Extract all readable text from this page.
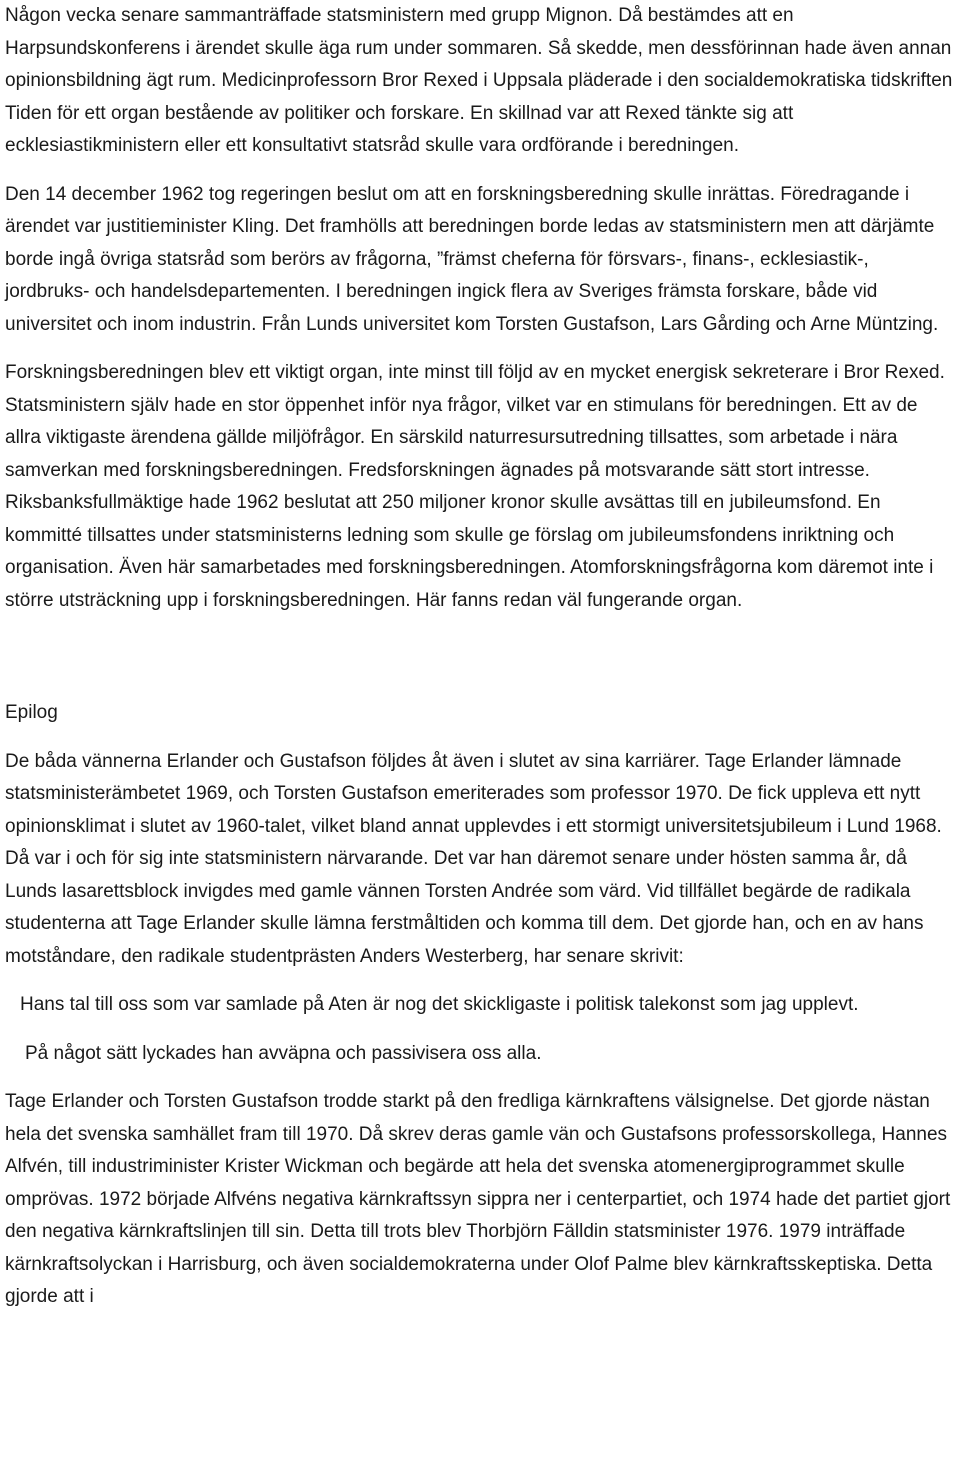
Någon vecka senare sammanträffade statsministern med grupp Mignon. Då bestämdes att en Harpsundskonferens i ärendet skulle äga rum under sommaren. Så skedde, men dessförinnan hade även annan opinionsbildning ägt rum. Medicinprofessorn Bror Rexed i Uppsala pläderade i den socialdemokratiska tidskriften Tiden för ett organ bestående av politiker och forskare. En skillnad var att Rexed tänkte sig att ecklesiastikministern eller ett konsultativt statsråd skulle vara ordförande i beredningen.

Den 14 december 1962 tog regeringen beslut om att en forskningsberedning skulle inrättas. Föredragande i ärendet var justitieminister Kling. Det framhölls att beredningen borde ledas av statsministern men att därjämte borde ingå övriga statsråd som berörs av frågorna, ”främst cheferna för försvars-, finans-, ecklesiastik-, jordbruks- och handelsdepartementen. I beredningen ingick flera av Sveriges främsta forskare, både vid universitet och inom industrin. Från Lunds universitet kom Torsten Gustafson, Lars Gårding och Arne Müntzing.

Forskningsberedningen blev ett viktigt organ, inte minst till följd av en mycket energisk sekreterare i Bror Rexed. Statsministern själv hade en stor öppenhet inför nya frågor, vilket var en stimulans för beredningen. Ett av de allra viktigaste ärendena gällde miljöfrågor. En särskild naturresursutredning tillsattes, som arbetade i nära samverkan med forskningsberedningen. Fredsforskningen ägnades på motsvarande sätt stort intresse. Riksbanksfullmäktige hade 1962 beslutat att 250 miljoner kronor skulle avsättas till en jubileumsfond. En kommitté tillsattes under statsministerns ledning som skulle ge förslag om jubileumsfondens inriktning och organisation. Även här samarbetades med forskningsberedningen. Atomforskningsfrågorna kom däremot inte i större utsträckning upp i forskningsberedningen. Här fanns redan väl fungerande organ.

Epilog

De båda vännerna Erlander och Gustafson följdes åt även i slutet av sina karriärer. Tage Erlander lämnade statsministerämbetet 1969, och Torsten Gustafson emeriterades som professor 1970. De fick uppleva ett nytt opinionsklimat i slutet av 1960-talet, vilket bland annat upplevdes i ett stormigt universitetsjubileum i Lund 1968. Då var i och för sig inte statsministern närvarande. Det var han däremot senare under hösten samma år, då Lunds lasarettsblock invigdes med gamle vännen Torsten Andrée som värd. Vid tillfället begärde de radikala studenterna att Tage Erlander skulle lämna ferstmåltiden och komma till dem. Det gjorde han, och en av hans motståndare, den radikale studentprästen Anders Westerberg, har senare skrivit:

Hans tal till oss som var samlade på Aten är nog det skickligaste i politisk talekonst som jag upplevt.

På något sätt lyckades han avväpna och passivisera oss alla.

Tage Erlander och Torsten Gustafson trodde starkt på den fredliga kärnkraftens välsignelse. Det gjorde nästan hela det svenska samhället fram till 1970. Då skrev deras gamle vän och Gustafsons professorskollega, Hannes Alfvén, till industriminister Krister Wickman och begärde att hela det svenska atomenergiprogrammet skulle omprövas. 1972 började Alfvéns negativa kärnkraftssyn sippra ner i centerpartiet, och 1974 hade det partiet gjort den negativa kärnkraftslinjen till sin. Detta till trots blev Thorbjörn Fälldin statsminister 1976. 1979 inträffade kärnkraftsolyckan i Harrisburg, och även socialdemokraterna under Olof Palme blev kärnkraftsskeptiska. Detta gjorde att i
